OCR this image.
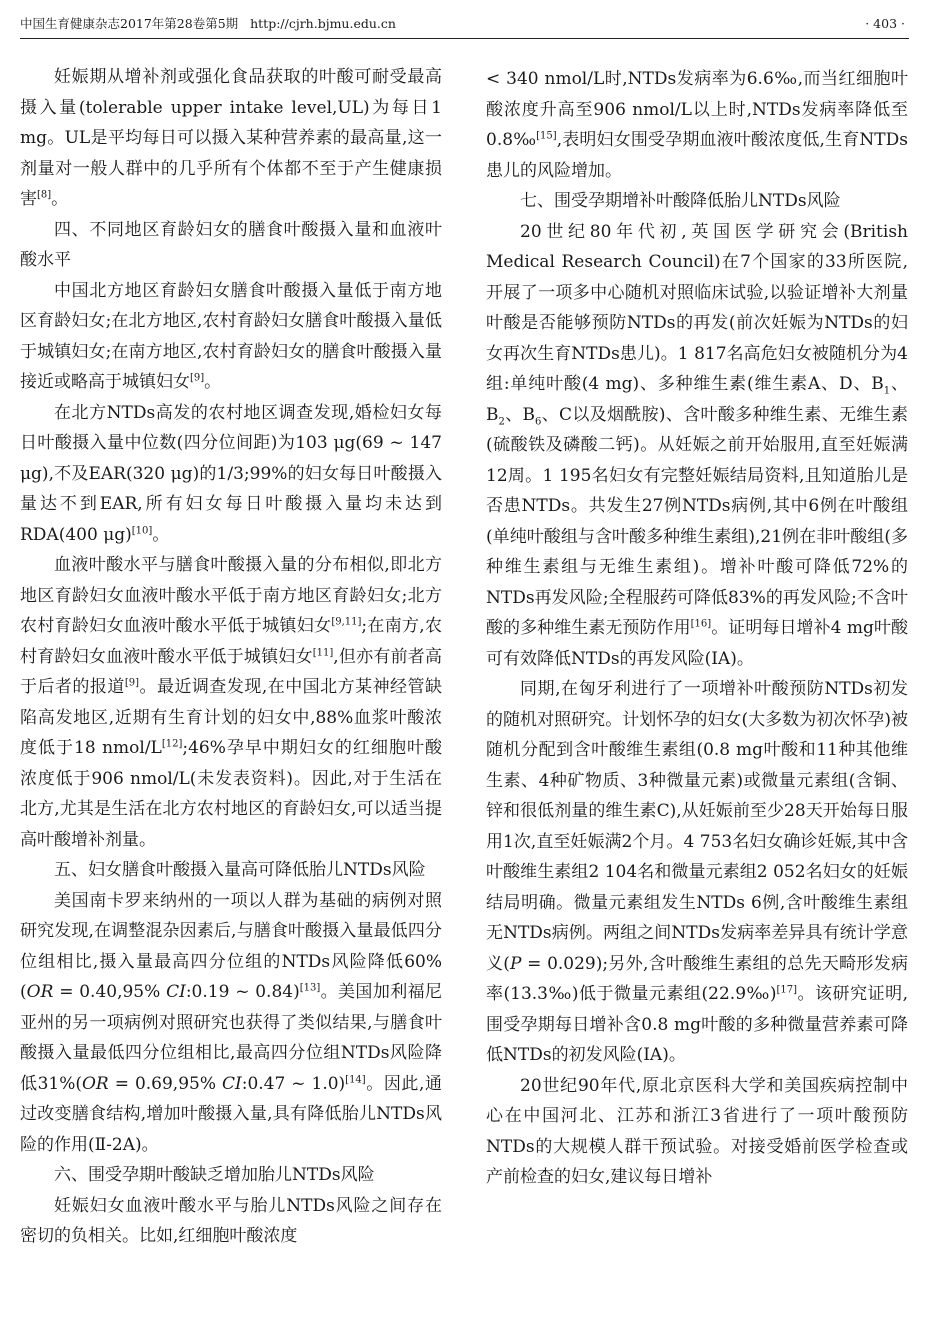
中国生育健康杂志2017年第28卷第5期 http://cjrh.bjmu.edu.cn	· 403 ·

妊娠期从增补剂或强化食品获取的叶酸可耐受最高摄入量(tolerable upper intake level,UL)为每日1 mg。UL是平均每日可以摄入某种营养素的最高量,这一剂量对一般人群中的几乎所有个体都不至于产生健康损害[8]。

四、不同地区育龄妇女的膳食叶酸摄入量和血液叶酸水平

中国北方地区育龄妇女膳食叶酸摄入量低于南方地区育龄妇女;在北方地区,农村育龄妇女膳食叶酸摄入量低于城镇妇女;在南方地区,农村育龄妇女的膳食叶酸摄入量接近或略高于城镇妇女[9]。

在北方NTDs高发的农村地区调查发现,婚检妇女每日叶酸摄入量中位数(四分位间距)为103 μg(69 ~ 147 μg),不及EAR(320 μg)的1/3;99%的妇女每日叶酸摄入量达不到EAR,所有妇女每日叶酸摄入量均未达到RDA(400 μg)[10]。

血液叶酸水平与膳食叶酸摄入量的分布相似,即北方地区育龄妇女血液叶酸水平低于南方地区育龄妇女;北方农村育龄妇女血液叶酸水平低于城镇妇女[9,11];在南方,农村育龄妇女血液叶酸水平低于城镇妇女[11],但亦有前者高于后者的报道[9]。最近调查发现,在中国北方某神经管缺陷高发地区,近期有生育计划的妇女中,88%血浆叶酸浓度低于18 nmol/L[12];46%孕早中期妇女的红细胞叶酸浓度低于906 nmol/L(未发表资料)。因此,对于生活在北方,尤其是生活在北方农村地区的育龄妇女,可以适当提高叶酸增补剂量。

五、妇女膳食叶酸摄入量高可降低胎儿NTDs风险

美国南卡罗来纳州的一项以人群为基础的病例对照研究发现,在调整混杂因素后,与膳食叶酸摄入量最低四分位组相比,摄入量最高四分位组的NTDs风险降低60%(OR = 0.40,95% CI:0.19 ~ 0.84)[13]。美国加利福尼亚州的另一项病例对照研究也获得了类似结果,与膳食叶酸摄入量最低四分位组相比,最高四分位组NTDs风险降低31%(OR = 0.69,95% CI:0.47 ~ 1.0)[14]。因此,通过改变膳食结构,增加叶酸摄入量,具有降低胎儿NTDs风险的作用(Ⅱ-2A)。

六、围受孕期叶酸缺乏增加胎儿NTDs风险

妊娠妇女血液叶酸水平与胎儿NTDs风险之间存在密切的负相关。比如,红细胞叶酸浓度

< 340 nmol/L时,NTDs发病率为6.6‰,而当红细胞叶酸浓度升高至906 nmol/L以上时,NTDs发病率降低至0.8‰[15],表明妇女围受孕期血液叶酸浓度低,生育NTDs患儿的风险增加。

七、围受孕期增补叶酸降低胎儿NTDs风险

20世纪80年代初,英国医学研究会(British Medical Research Council)在7个国家的33所医院,开展了一项多中心随机对照临床试验,以验证增补大剂量叶酸是否能够预防NTDs的再发(前次妊娠为NTDs的妇女再次生育NTDs患儿)。1 817名高危妇女被随机分为4组:单纯叶酸(4 mg)、多种维生素(维生素A、D、$B_1$、$B_2$、$B_6$、C以及烟酰胺)、含叶酸多种维生素、无维生素(硫酸铁及磷酸二钙)。从妊娠之前开始服用,直至妊娠满12周。1 195名妇女有完整妊娠结局资料,且知道胎儿是否患NTDs。共发生27例NTDs病例,其中6例在叶酸组(单纯叶酸组与含叶酸多种维生素组),21例在非叶酸组(多种维生素组与无维生素组)。增补叶酸可降低72%的NTDs再发风险;全程服药可降低83%的再发风险;不含叶酸的多种维生素无预防作用[16]。证明每日增补4 mg叶酸可有效降低NTDs的再发风险(IA)。

同期,在匈牙利进行了一项增补叶酸预防NTDs初发的随机对照研究。计划怀孕的妇女(大多数为初次怀孕)被随机分配到含叶酸维生素组(0.8 mg叶酸和11种其他维生素、4种矿物质、3种微量元素)或微量元素组(含铜、锌和很低剂量的维生素C),从妊娠前至少28天开始每日服用1次,直至妊娠满2个月。4 753名妇女确诊妊娠,其中含叶酸维生素组2 104名和微量元素组2 052名妇女的妊娠结局明确。微量元素组发生NTDs 6例,含叶酸维生素组无NTDs病例。两组之间NTDs发病率差异具有统计学意义(P = 0.029);另外,含叶酸维生素组的总先天畸形发病率(13.3‰)低于微量元素组(22.9‰)[17]。该研究证明,围受孕期每日增补含0.8 mg叶酸的多种微量营养素可降低NTDs的初发风险(IA)。

20世纪90年代,原北京医科大学和美国疾病控制中心在中国河北、江苏和浙江3省进行了一项叶酸预防NTDs的大规模人群干预试验。对接受婚前医学检查或产前检查的妇女,建议每日增补
